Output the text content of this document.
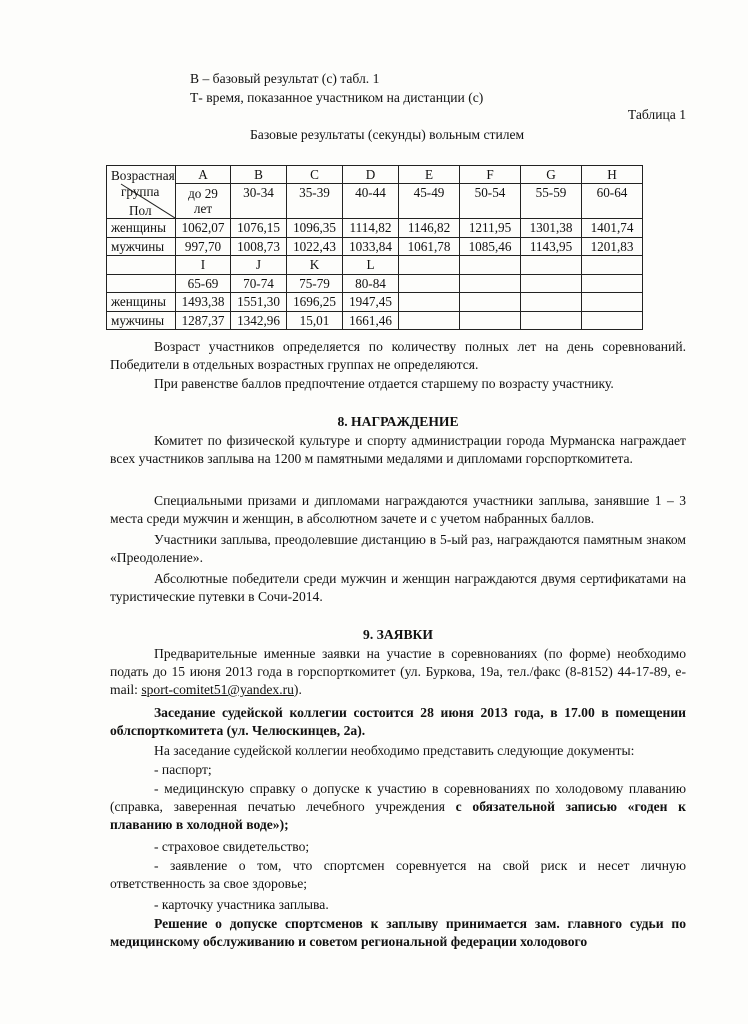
В – базовый результат (с) табл. 1
Т- время, показанное участником на дистанции (с)
Таблица 1
Базовые результаты (секунды) вольным стилем
Возрастная
группа
Пол	A	B	C	D	E	F	G	H
	до 29 лет	30-34	35-39	40-44	45-49	50-54	55-59	60-64
женщины	1062,07	1076,15	1096,35	1114,82	1146,82	1211,95	1301,38	1401,74
мужчины	997,70	1008,73	1022,43	1033,84	1061,78	1085,46	1143,95	1201,83
	I	J	K	L				
	65-69	70-74	75-79	80-84				
женщины	1493,38	1551,30	1696,25	1947,45				
мужчины	1287,37	1342,96	15,01	1661,46				
Возраст участников определяется по количеству полных лет на день соревнований. Победители в отдельных возрастных группах не определяются.
При равенстве баллов предпочтение отдается старшему по возрасту участнику.
8. НАГРАЖДЕНИЕ
Комитет по физической культуре и спорту администрации города Мурманска награждает всех участников заплыва на 1200 м памятными медалями и дипломами горспорткомитета.
Специальными призами и дипломами награждаются участники заплыва, занявшие 1 – 3 места среди мужчин и женщин, в абсолютном зачете и с учетом набранных баллов.
Участники заплыва, преодолевшие дистанцию в 5-ый раз, награждаются памятным знаком «Преодоление».
Абсолютные победители среди мужчин и женщин награждаются двумя сертификатами на туристические путевки в Сочи-2014.
9. ЗАЯВКИ
Предварительные именные заявки на участие в соревнованиях (по форме) необходимо подать до 15 июня 2013 года в горспорткомитет (ул. Буркова, 19а, тел./факс (8-8152) 44-17-89, e-mail: sport-comitet51@yandex.ru).
Заседание судейской коллегии состоится 28 июня 2013 года, в 17.00 в помещении облспорткомитета (ул. Челюскинцев, 2а).
На заседание судейской коллегии необходимо представить следующие документы:
- паспорт;
- медицинскую справку о допуске к участию в соревнованиях по холодовому плаванию (справка, заверенная печатью лечебного учреждения с обязательной записью «годен к плаванию в холодной воде»);
- страховое свидетельство;
- заявление о том, что спортсмен соревнуется на свой риск и несет личную ответственность за свое здоровье;
- карточку участника заплыва.
Решение о допуске спортсменов к заплыву принимается зам. главного судьи по медицинскому обслуживанию и советом региональной федерации холодового
